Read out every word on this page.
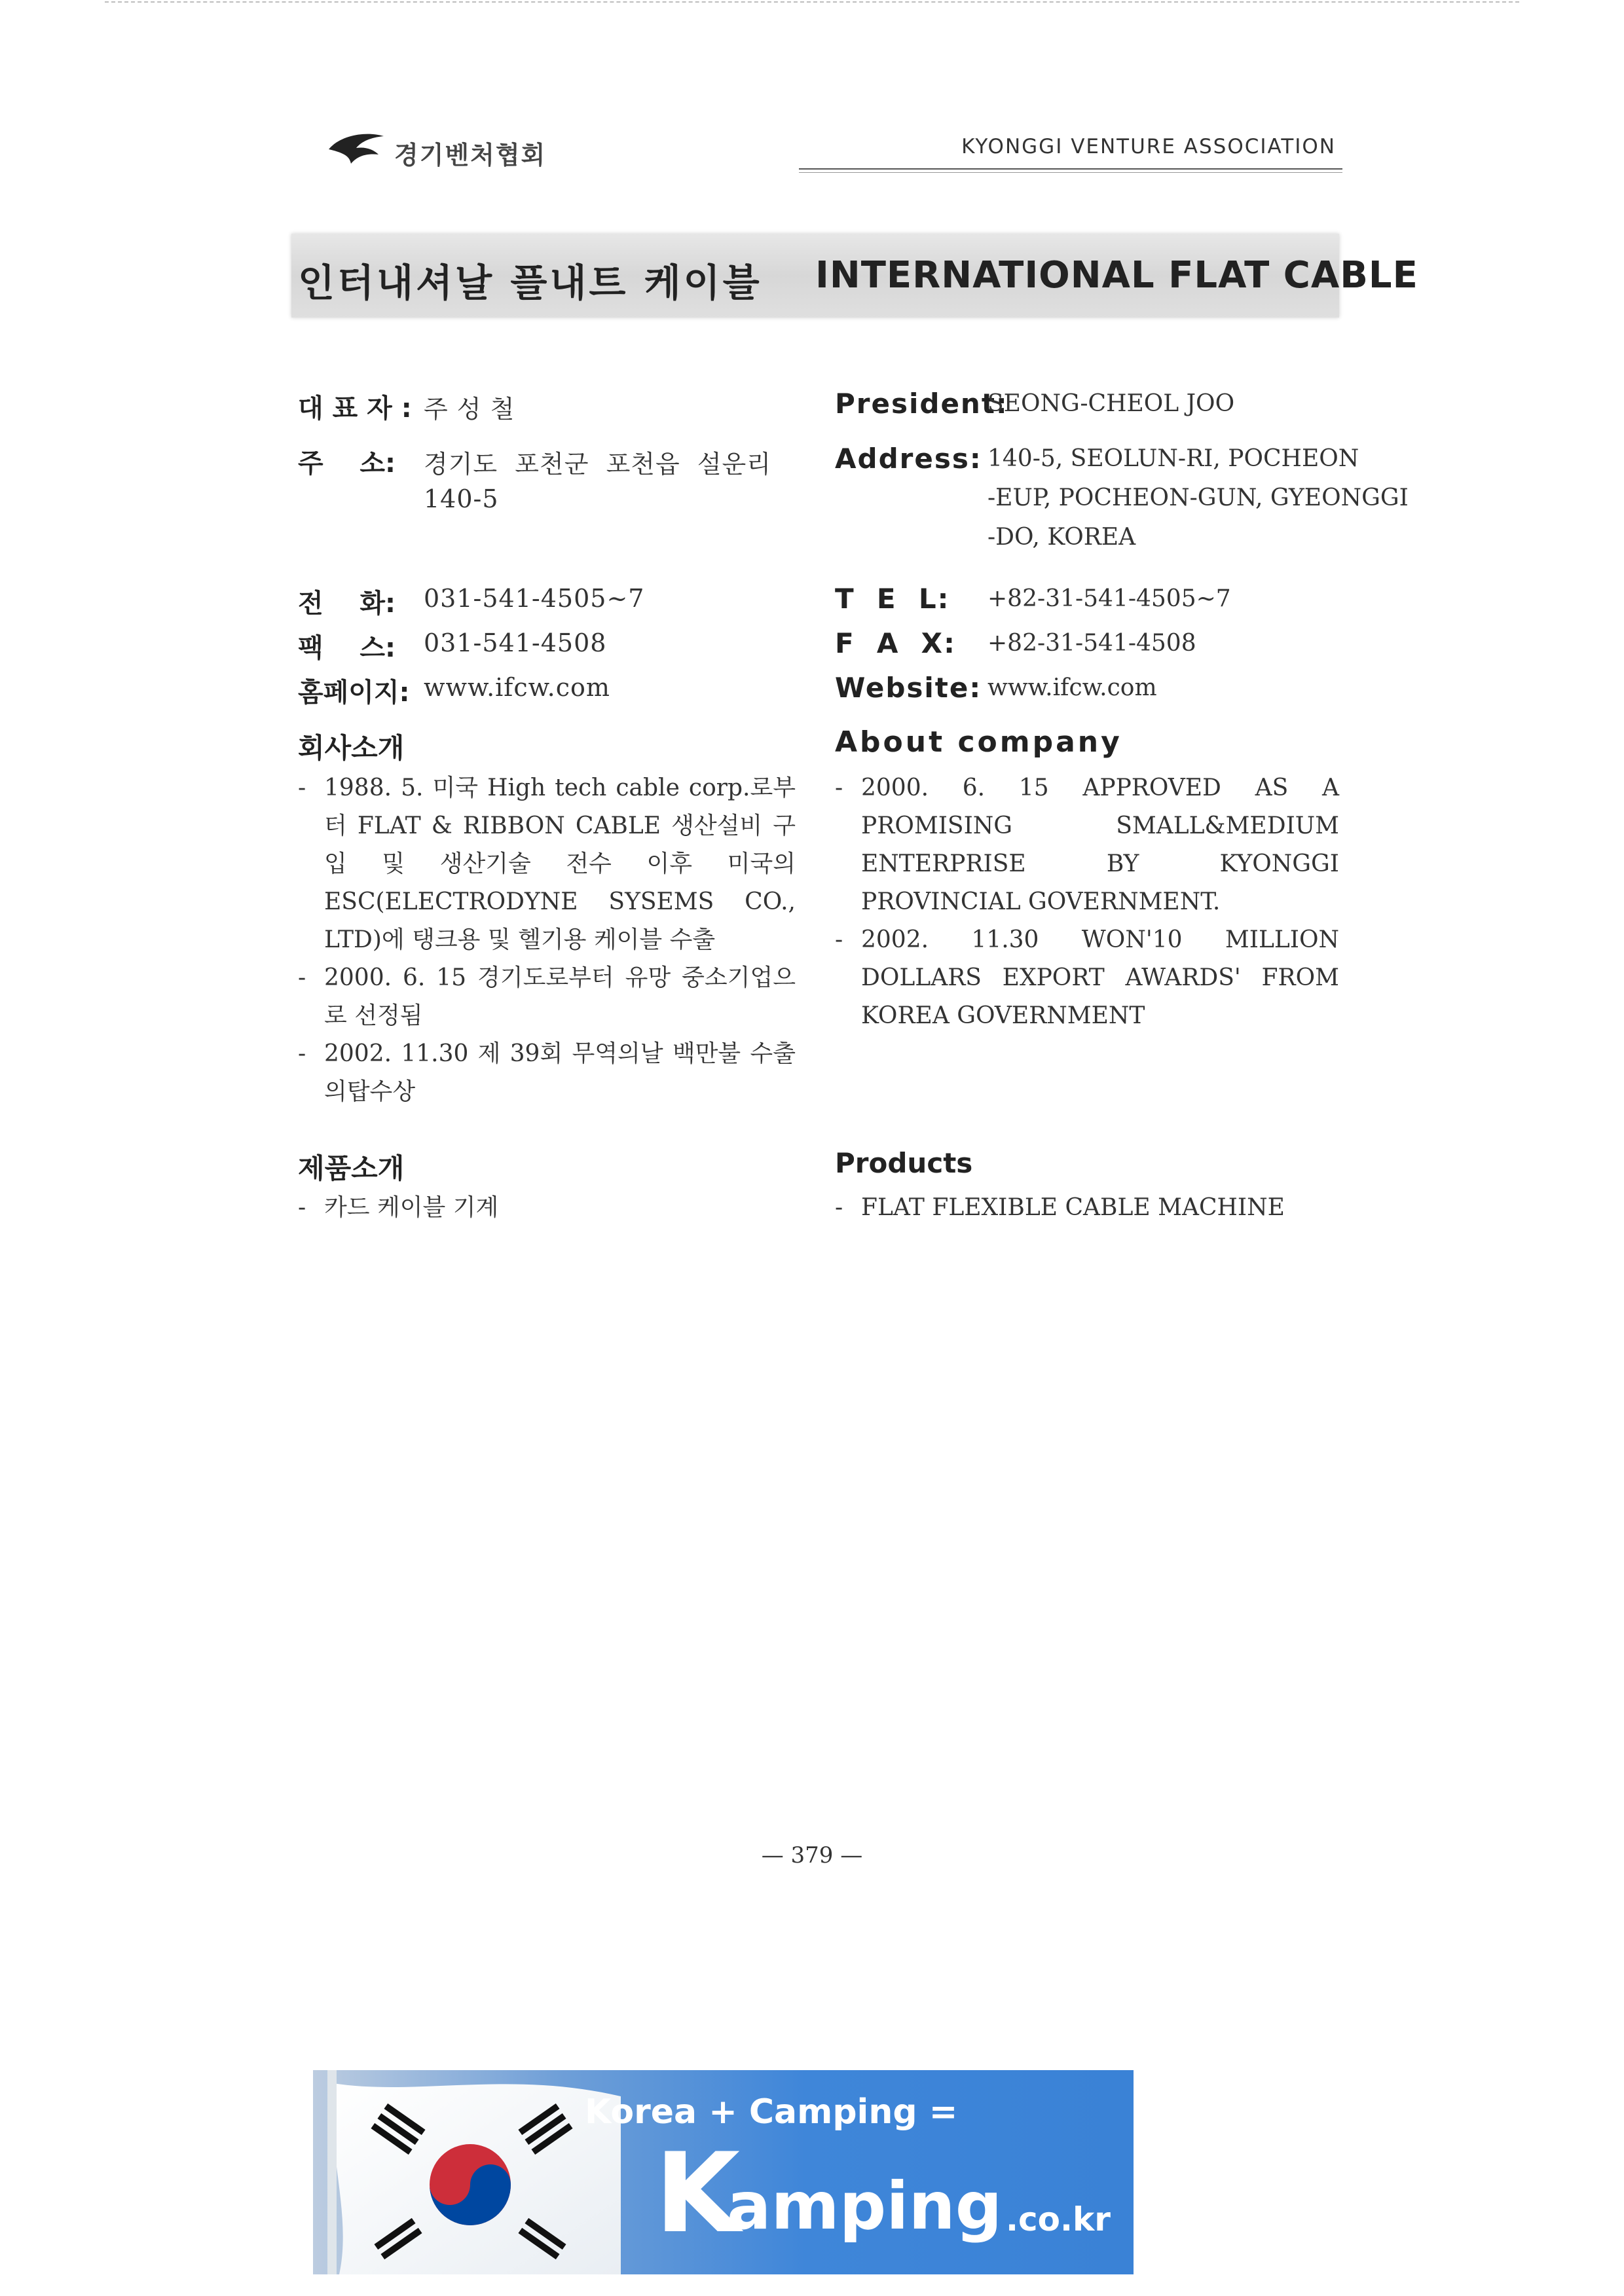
경기벤처협회	KYONGGI VENTURE ASSOCIATION
인터내셔날 플내트 케이블 INTERNATIONAL FLAT CABLE
대 표 자 : 주 성 철
주    소: 경기도  포천군  포천읍  설운리
140-5
전    화: 031-541-4505~7
팩    스: 031-541-4508
홈페이지: www.ifcw.com
President:
SEONG-CHEOL JOO
Address: 140-5, SEOLUN-RI, POCHEON
-EUP, POCHEON-GUN, GYEONGGI
-DO, KOREA
T  E  L: +82-31-541-4505~7
F  A  X: +82-31-541-4508
Website: www.ifcw.com
회사소개
- 1988. 5. 미국 High tech cable corp.로부터 FLAT & RIBBON CABLE 생산설비 구입 및 생산기술 전수 이후 미국의 ESC(ELECTRODYNE SYSEMS CO., LTD)에 탱크용 및 헬기용 케이블 수출
- 2000. 6. 15 경기도로부터 유망 중소기업으로 선정됨
- 2002. 11.30 제 39회 무역의날 백만불 수출의탑수상
About company
- 2000. 6. 15 APPROVED AS A PROMISING SMALL&MEDIUM ENTERPRISE BY KYONGGI PROVINCIAL GOVERNMENT.
- 2002. 11.30 WON'10 MILLION DOLLARS EXPORT AWARDS' FROM KOREA GOVERNMENT
제품소개
- 카드 케이블 기계
Products
- FLAT FLEXIBLE CABLE MACHINE
— 379 —
Korea + Camping =
K
amping .co.kr
